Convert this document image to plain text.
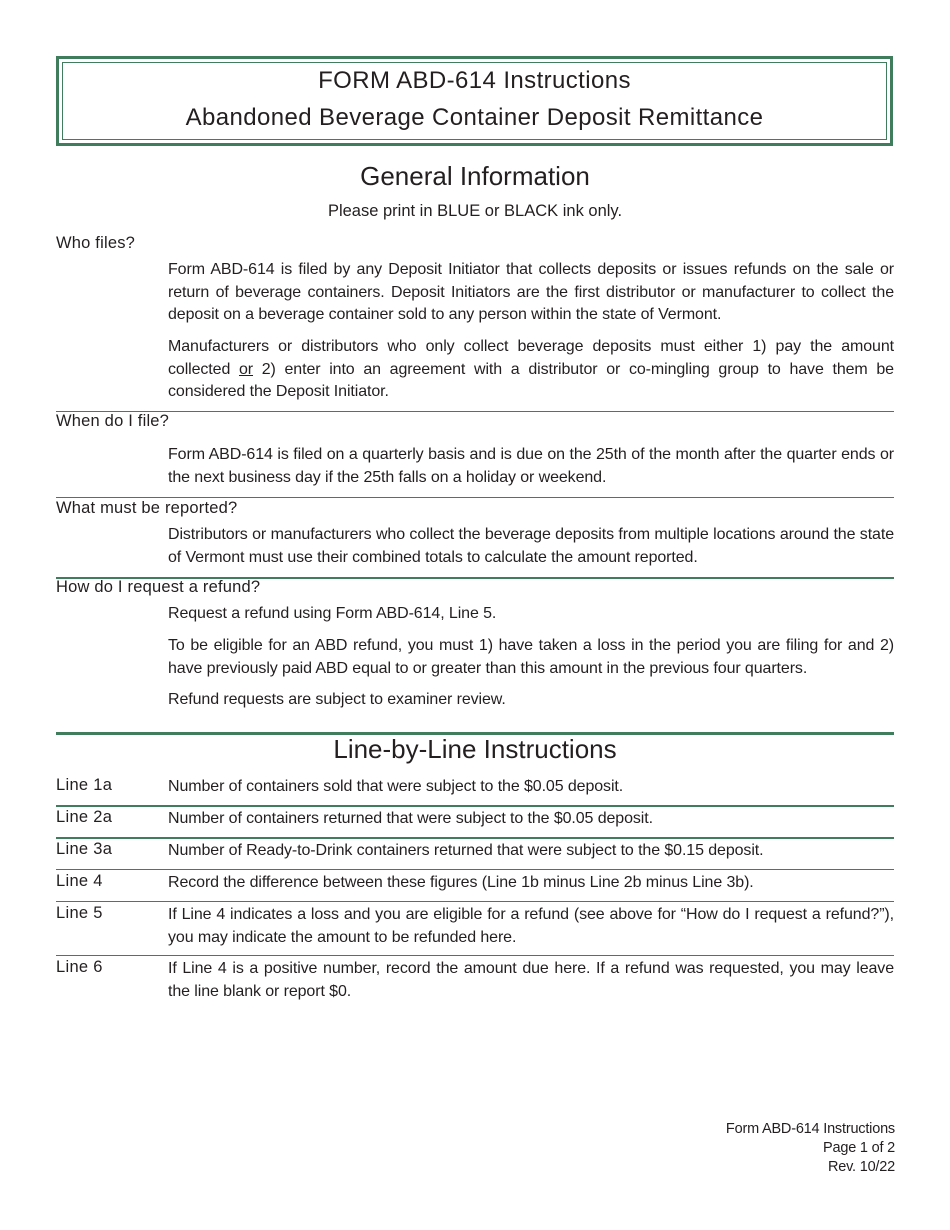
FORM ABD-614 Instructions
Abandoned Beverage Container Deposit Remittance
General Information
Please print in BLUE or BLACK ink only.
Who files?
Form ABD-614 is filed by any Deposit Initiator that collects deposits or issues refunds on the sale or return of beverage containers. Deposit Initiators are the first distributor or manufacturer to collect the deposit on a beverage container sold to any person within the state of Vermont.
Manufacturers or distributors who only collect beverage deposits must either 1) pay the amount collected or 2) enter into an agreement with a distributor or co-mingling group to have them be considered the Deposit Initiator.
When do I file?
Form ABD-614 is filed on a quarterly basis and is due on the 25th of the month after the quarter ends or the next business day if the 25th falls on a holiday or weekend.
What must be reported?
Distributors or manufacturers who collect the beverage deposits from multiple locations around the state of Vermont must use their combined totals to calculate the amount reported.
How do I request a refund?
Request a refund using Form ABD-614, Line 5.
To be eligible for an ABD refund, you must 1) have taken a loss in the period you are filing for and 2) have previously paid ABD equal to or greater than this amount in the previous four quarters.
Refund requests are subject to examiner review.
Line-by-Line Instructions
Line 1a	Number of containers sold that were subject to the $0.05 deposit.
Line 2a	Number of containers returned that were subject to the $0.05 deposit.
Line 3a	Number of Ready-to-Drink containers returned that were subject to the $0.15 deposit.
Line 4	Record the difference between these figures (Line 1b minus Line 2b minus Line 3b).
Line 5	If Line 4 indicates a loss and you are eligible for a refund (see above for “How do I request a refund?”), you may indicate the amount to be refunded here.
Line 6	If Line 4 is a positive number, record the amount due here. If a refund was requested, you may leave the line blank or report $0.
Form ABD-614 Instructions
Page 1 of 2
Rev. 10/22
